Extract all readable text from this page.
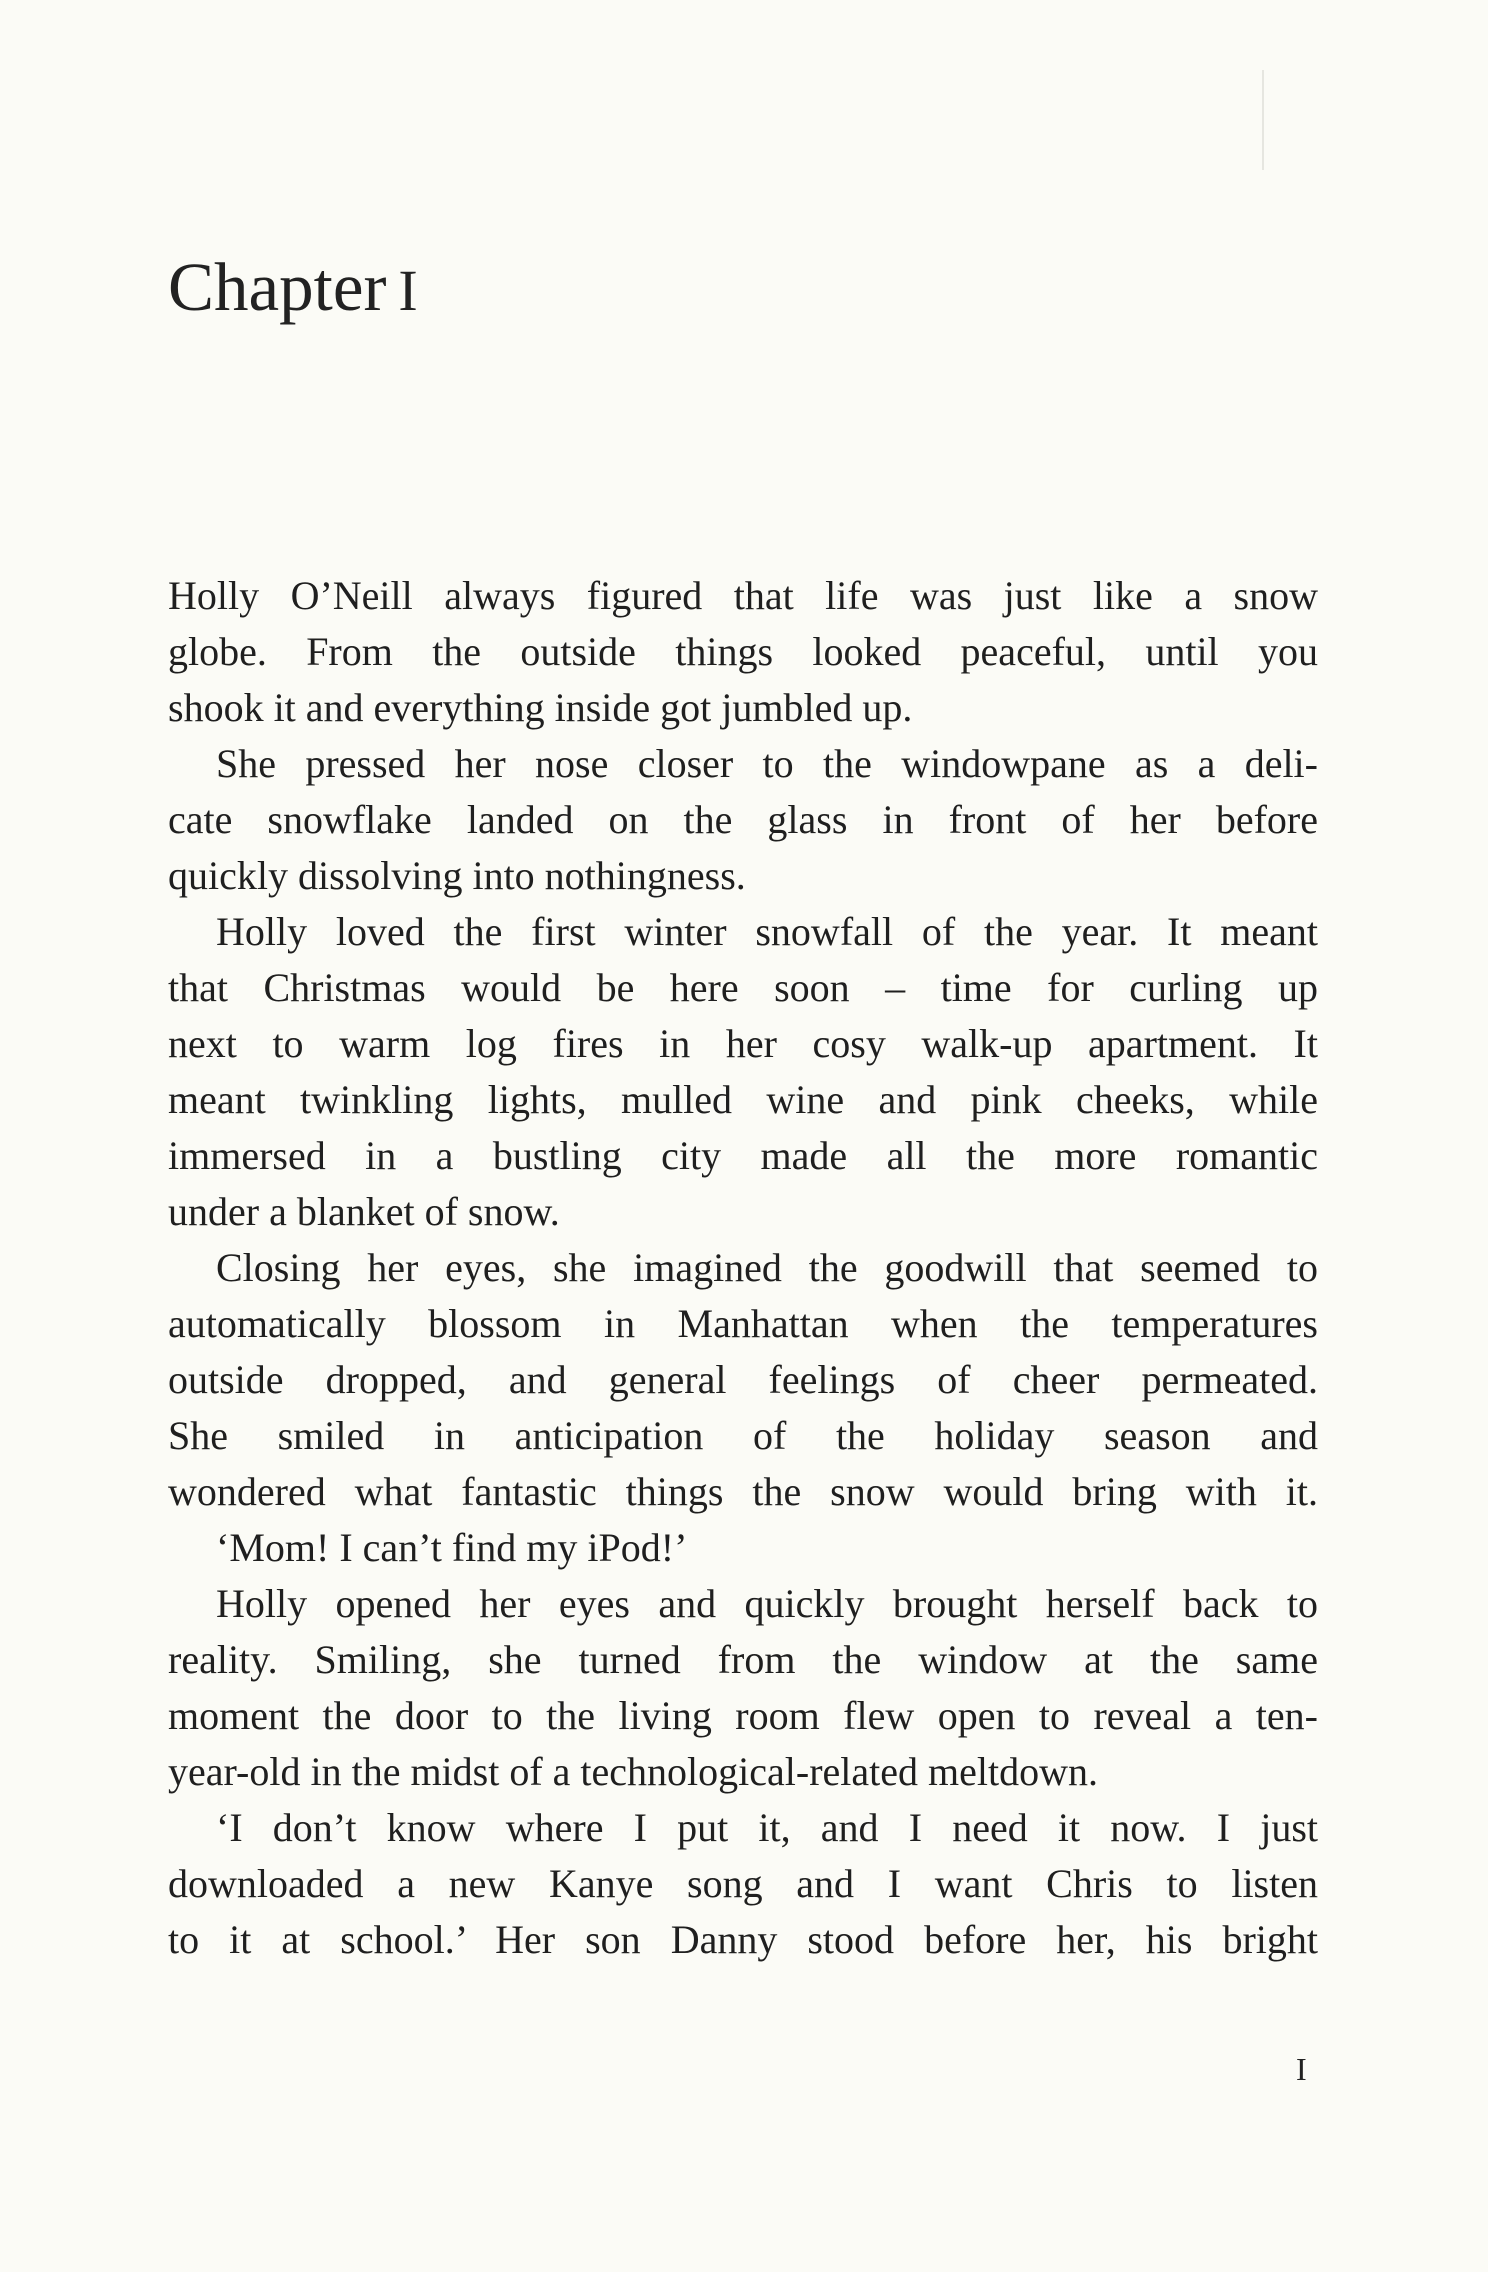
Chapter I

Holly O’Neill always figured that life was just like a snow
globe. From the outside things looked peaceful, until you
shook it and everything inside got jumbled up.

She pressed her nose closer to the windowpane as a deli-
cate snowflake landed on the glass in front of her before
quickly dissolving into nothingness.

Holly loved the first winter snowfall of the year. It meant
that Christmas would be here soon – time for curling up
next to warm log fires in her cosy walk-up apartment. It
meant twinkling lights, mulled wine and pink cheeks, while
immersed in a bustling city made all the more romantic
under a blanket of snow.

Closing her eyes, she imagined the goodwill that seemed to
automatically blossom in Manhattan when the temperatures
outside dropped, and general feelings of cheer permeated.
She smiled in anticipation of the holiday season and
wondered what fantastic things the snow would bring with it.

‘Mom! I can’t find my iPod!’

Holly opened her eyes and quickly brought herself back to
reality. Smiling, she turned from the window at the same
moment the door to the living room flew open to reveal a ten-
year-old in the midst of a technological-related meltdown.

‘I don’t know where I put it, and I need it now. I just
downloaded a new Kanye song and I want Chris to listen
to it at school.’ Her son Danny stood before her, his bright

I
